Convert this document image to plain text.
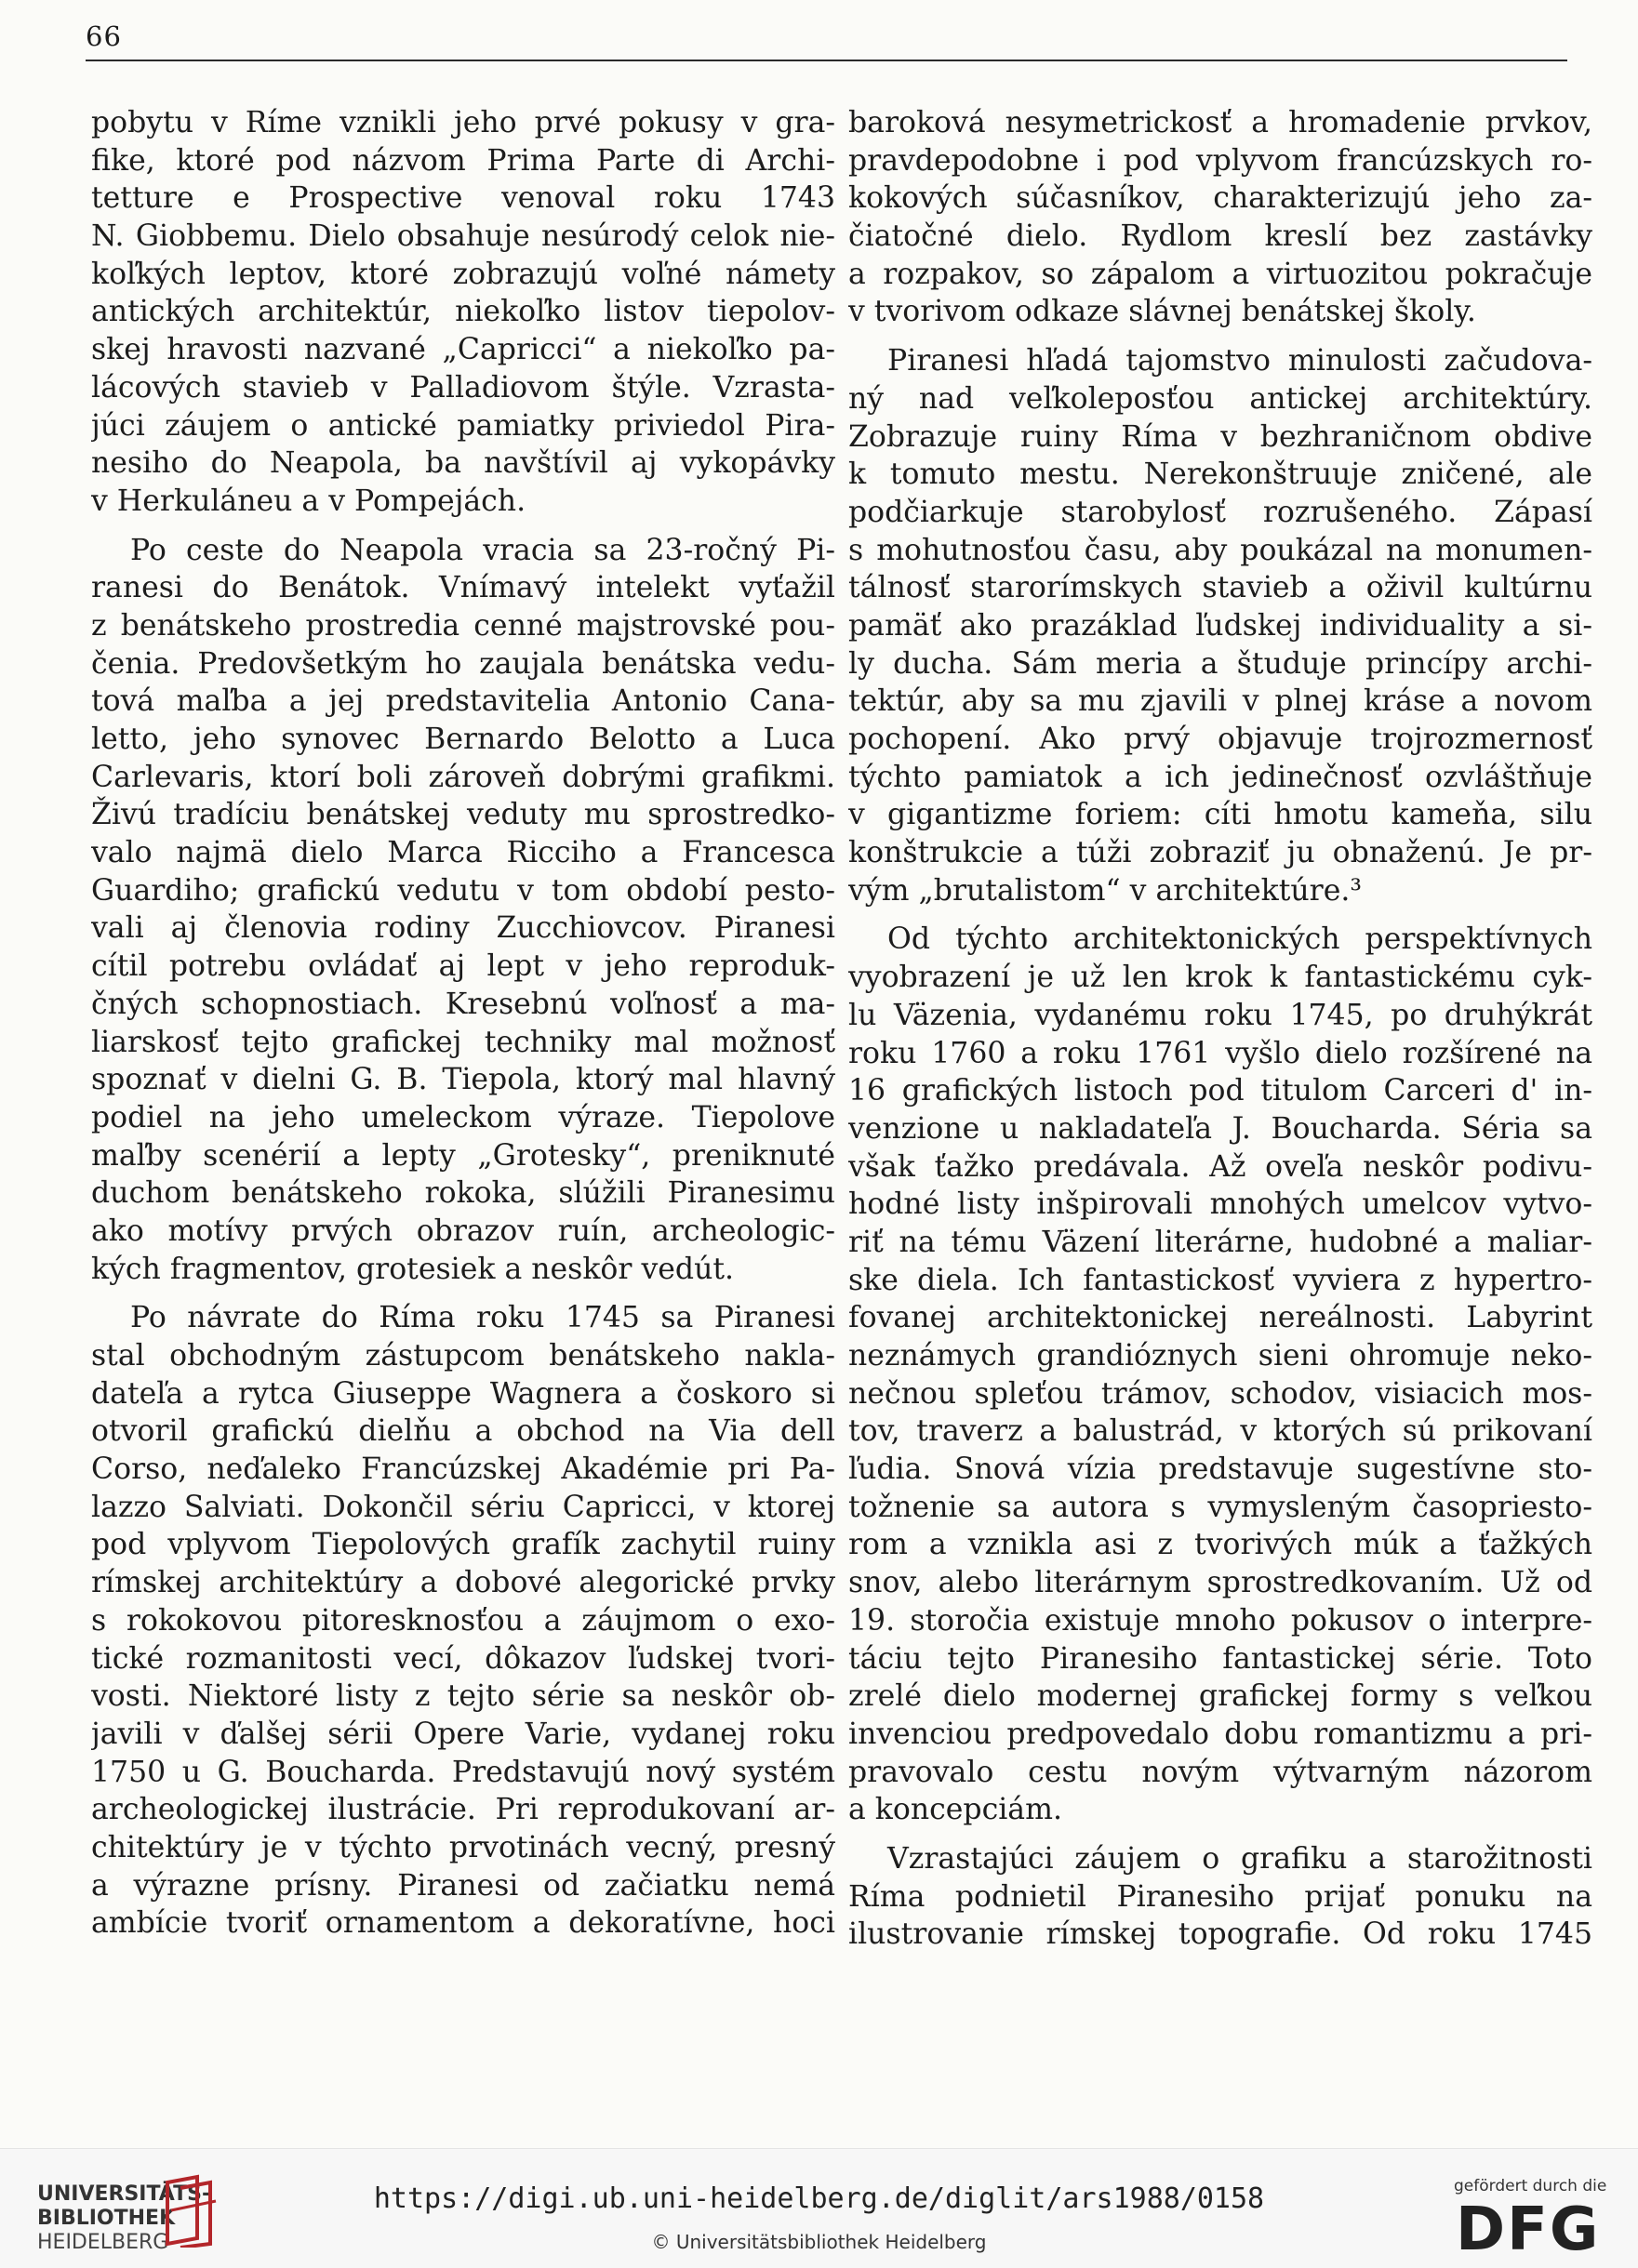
66
pobytu v Ríme vznikli jeho prvé pokusy v gra-
fike, ktoré pod názvom Prima Parte di Archi-
tetture e Prospective venoval roku 1743
N. Giobbemu. Dielo obsahuje nesúrodý celok nie-
koľkých leptov, ktoré zobrazujú voľné námety
antických architektúr, niekoľko listov tiepolov-
skej hravosti nazvané „Capricci“ a niekoľko pa-
lácových stavieb v Palladiovom štýle. Vzrasta-
júci záujem o antické pamiatky priviedol Pira-
nesiho do Neapola, ba navštívil aj vykopávky
v Herkuláneu a v Pompejách.
Po ceste do Neapola vracia sa 23-ročný Pi-
ranesi do Benátok. Vnímavý intelekt vyťažil
z benátskeho prostredia cenné majstrovské pou-
čenia. Predovšetkým ho zaujala benátska vedu-
tová maľba a jej predstavitelia Antonio Cana-
letto, jeho synovec Bernardo Belotto a Luca
Carlevaris, ktorí boli zároveň dobrými grafikmi.
Živú tradíciu benátskej veduty mu sprostredko-
valo najmä dielo Marca Ricciho a Francesca
Guardiho; grafickú vedutu v tom období pesto-
vali aj členovia rodiny Zucchiovcov. Piranesi
cítil potrebu ovládať aj lept v jeho reproduk-
čných schopnostiach. Kresebnú voľnosť a ma-
liarskosť tejto grafickej techniky mal možnosť
spoznať v dielni G. B. Tiepola, ktorý mal hlavný
podiel na jeho umeleckom výraze. Tiepolove
maľby scenérií a lepty „Grotesky“, preniknuté
duchom benátskeho rokoka, slúžili Piranesimu
ako motívy prvých obrazov ruín, archeologic-
kých fragmentov, grotesiek a neskôr vedút.
Po návrate do Ríma roku 1745 sa Piranesi
stal obchodným zástupcom benátskeho nakla-
dateľa a rytca Giuseppe Wagnera a čoskoro si
otvoril grafickú dielňu a obchod na Via dell
Corso, neďaleko Francúzskej Akadémie pri Pa-
lazzo Salviati. Dokončil sériu Capricci, v ktorej
pod vplyvom Tiepolových grafík zachytil ruiny
rímskej architektúry a dobové alegorické prvky
s rokokovou pitoresknosťou a záujmom o exo-
tické rozmanitosti vecí, dôkazov ľudskej tvori-
vosti. Niektoré listy z tejto série sa neskôr ob-
javili v ďalšej sérii Opere Varie, vydanej roku
1750 u G. Boucharda. Predstavujú nový systém
archeologickej ilustrácie. Pri reprodukovaní ar-
chitektúry je v týchto prvotinách vecný, presný
a výrazne prísny. Piranesi od začiatku nemá
ambície tvoriť ornamentom a dekoratívne, hoci
baroková nesymetrickosť a hromadenie prvkov,
pravdepodobne i pod vplyvom francúzskych ro-
kokových súčasníkov, charakterizujú jeho za-
čiatočné dielo. Rydlom kreslí bez zastávky
a rozpakov, so zápalom a virtuozitou pokračuje
v tvorivom odkaze slávnej benátskej školy.
Piranesi hľadá tajomstvo minulosti začudova-
ný nad veľkoleposťou antickej architektúry.
Zobrazuje ruiny Ríma v bezhraničnom obdive
k tomuto mestu. Nerekonštruuje zničené, ale
podčiarkuje starobylosť rozrušeného. Zápasí
s mohutnosťou času, aby poukázal na monumen-
tálnosť starorímskych stavieb a oživil kultúrnu
pamäť ako prazáklad ľudskej individuality a si-
ly ducha. Sám meria a študuje princípy archi-
tektúr, aby sa mu zjavili v plnej kráse a novom
pochopení. Ako prvý objavuje trojrozmernosť
týchto pamiatok a ich jedinečnosť ozvláštňuje
v gigantizme foriem: cíti hmotu kameňa, silu
konštrukcie a túži zobraziť ju obnaženú. Je pr-
vým „brutalistom“ v architektúre.³
Od týchto architektonických perspektívnych
vyobrazení je už len krok k fantastickému cyk-
lu Väzenia, vydanému roku 1745, po druhýkrát
roku 1760 a roku 1761 vyšlo dielo rozšírené na
16 grafických listoch pod titulom Carceri d' in-
venzione u nakladateľa J. Boucharda. Séria sa
však ťažko predávala. Až oveľa neskôr podivu-
hodné listy inšpirovali mnohých umelcov vytvo-
riť na tému Väzení literárne, hudobné a maliar-
ske diela. Ich fantastickosť vyviera z hypertro-
fovanej architektonickej nereálnosti. Labyrint
neznámych grandióznych sieni ohromuje neko-
nečnou spleťou trámov, schodov, visiacich mos-
tov, traverz a balustrád, v ktorých sú prikovaní
ľudia. Snová vízia predstavuje sugestívne sto-
tožnenie sa autora s vymysleným časopriesto-
rom a vznikla asi z tvorivých múk a ťažkých
snov, alebo literárnym sprostredkovaním. Už od
19. storočia existuje mnoho pokusov o interpre-
táciu tejto Piranesiho fantastickej série. Toto
zrelé dielo modernej grafickej formy s veľkou
invenciou predpovedalo dobu romantizmu a pri-
pravovalo cestu novým výtvarným názorom
a koncepciám.
Vzrastajúci záujem o grafiku a starožitnosti
Ríma podnietil Piranesiho prijať ponuku na
ilustrovanie rímskej topografie. Od roku 1745
UNIVERSITÄTS-
BIBLIOTHEK
HEIDELBERG
https://digi.ub.uni-heidelberg.de/diglit/ars1988/0158
© Universitätsbibliothek Heidelberg
gefördert durch die
DFG
